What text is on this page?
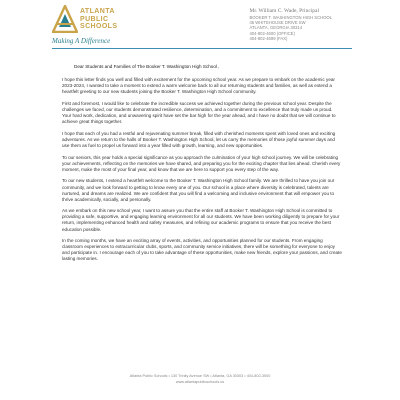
ATLANTA
PUBLIC
SCHOOLS
Making A Difference
Mr. William C. Wade, Principal
BOOKER T. WASHINGTON HIGH SCHOOL
45 WHITEHOUSE DRIVE SW
ATLANTA, GEORGIA 30314
404-802-4600 (OFFICE)
404-802-4699 (FAX)

Dear Students and Families of The Booker T. Washington High School ,

I hope this letter finds you well and filled with excitement for the upcoming school year. As we prepare to embark on the academic year 2023-2024, I wanted to take a moment to extend a warm welcome back to all our returning students and families, as well as extend a heartfelt greeting to our new students joining the Booker T. Washington High School community.

First and foremost, I would like to celebrate the incredible success we achieved together during the previous school year. Despite the challenges we faced, our students demonstrated resilience, determination, and a commitment to excellence that truly made us proud. Your hard work, dedication, and unwavering spirit have set the bar high for the year ahead, and I have no doubt that we will continue to achieve great things together.

I hope that each of you had a restful and rejuvenating summer break, filled with cherished moments spent with loved ones and exciting adventures. As we return to the halls of Booker T. Washington High School, let us carry the memories of those joyful summer days and use them as fuel to propel us forward into a year filled with growth, learning, and new opportunities.

To our seniors, this year holds a special significance as you approach the culmination of your high school journey. We will be celebrating your achievements, reflecting on the memories we have shared, and preparing you for the exciting chapter that lies ahead. Cherish every moment, make the most of your final year, and know that we are here to support you every step of the way.

To our new students, I extend a heartfelt welcome to the Booker T. Washington High School family. We are thrilled to have you join our community, and we look forward to getting to know every one of you. Our school is a place where diversity is celebrated, talents are nurtured, and dreams are realized. We are confident that you will find a welcoming and inclusive environment that will empower you to thrive academically, socially, and personally.

As we embark on this new school year, I want to assure you that the entire staff at Booker T. Washington High School is committed to providing a safe, supportive, and engaging learning environment for all our students. We have been working diligently to prepare for your return, implementing enhanced health and safety measures, and refining our academic programs to ensure that you receive the best education possible.

In the coming months, we have an exciting array of events, activities, and opportunities planned for our students. From engaging classroom experiences to extracurricular clubs, sports, and community service initiatives, there will be something for everyone to enjoy and participate in. I encourage each of you to take advantage of these opportunities, make new friends, explore your passions, and create lasting memories.

Atlanta Public Schools • 130 Trinity Avenue SW • Atlanta, GA 30303 • 404-802-3500
www.atlantapublicschools.us
